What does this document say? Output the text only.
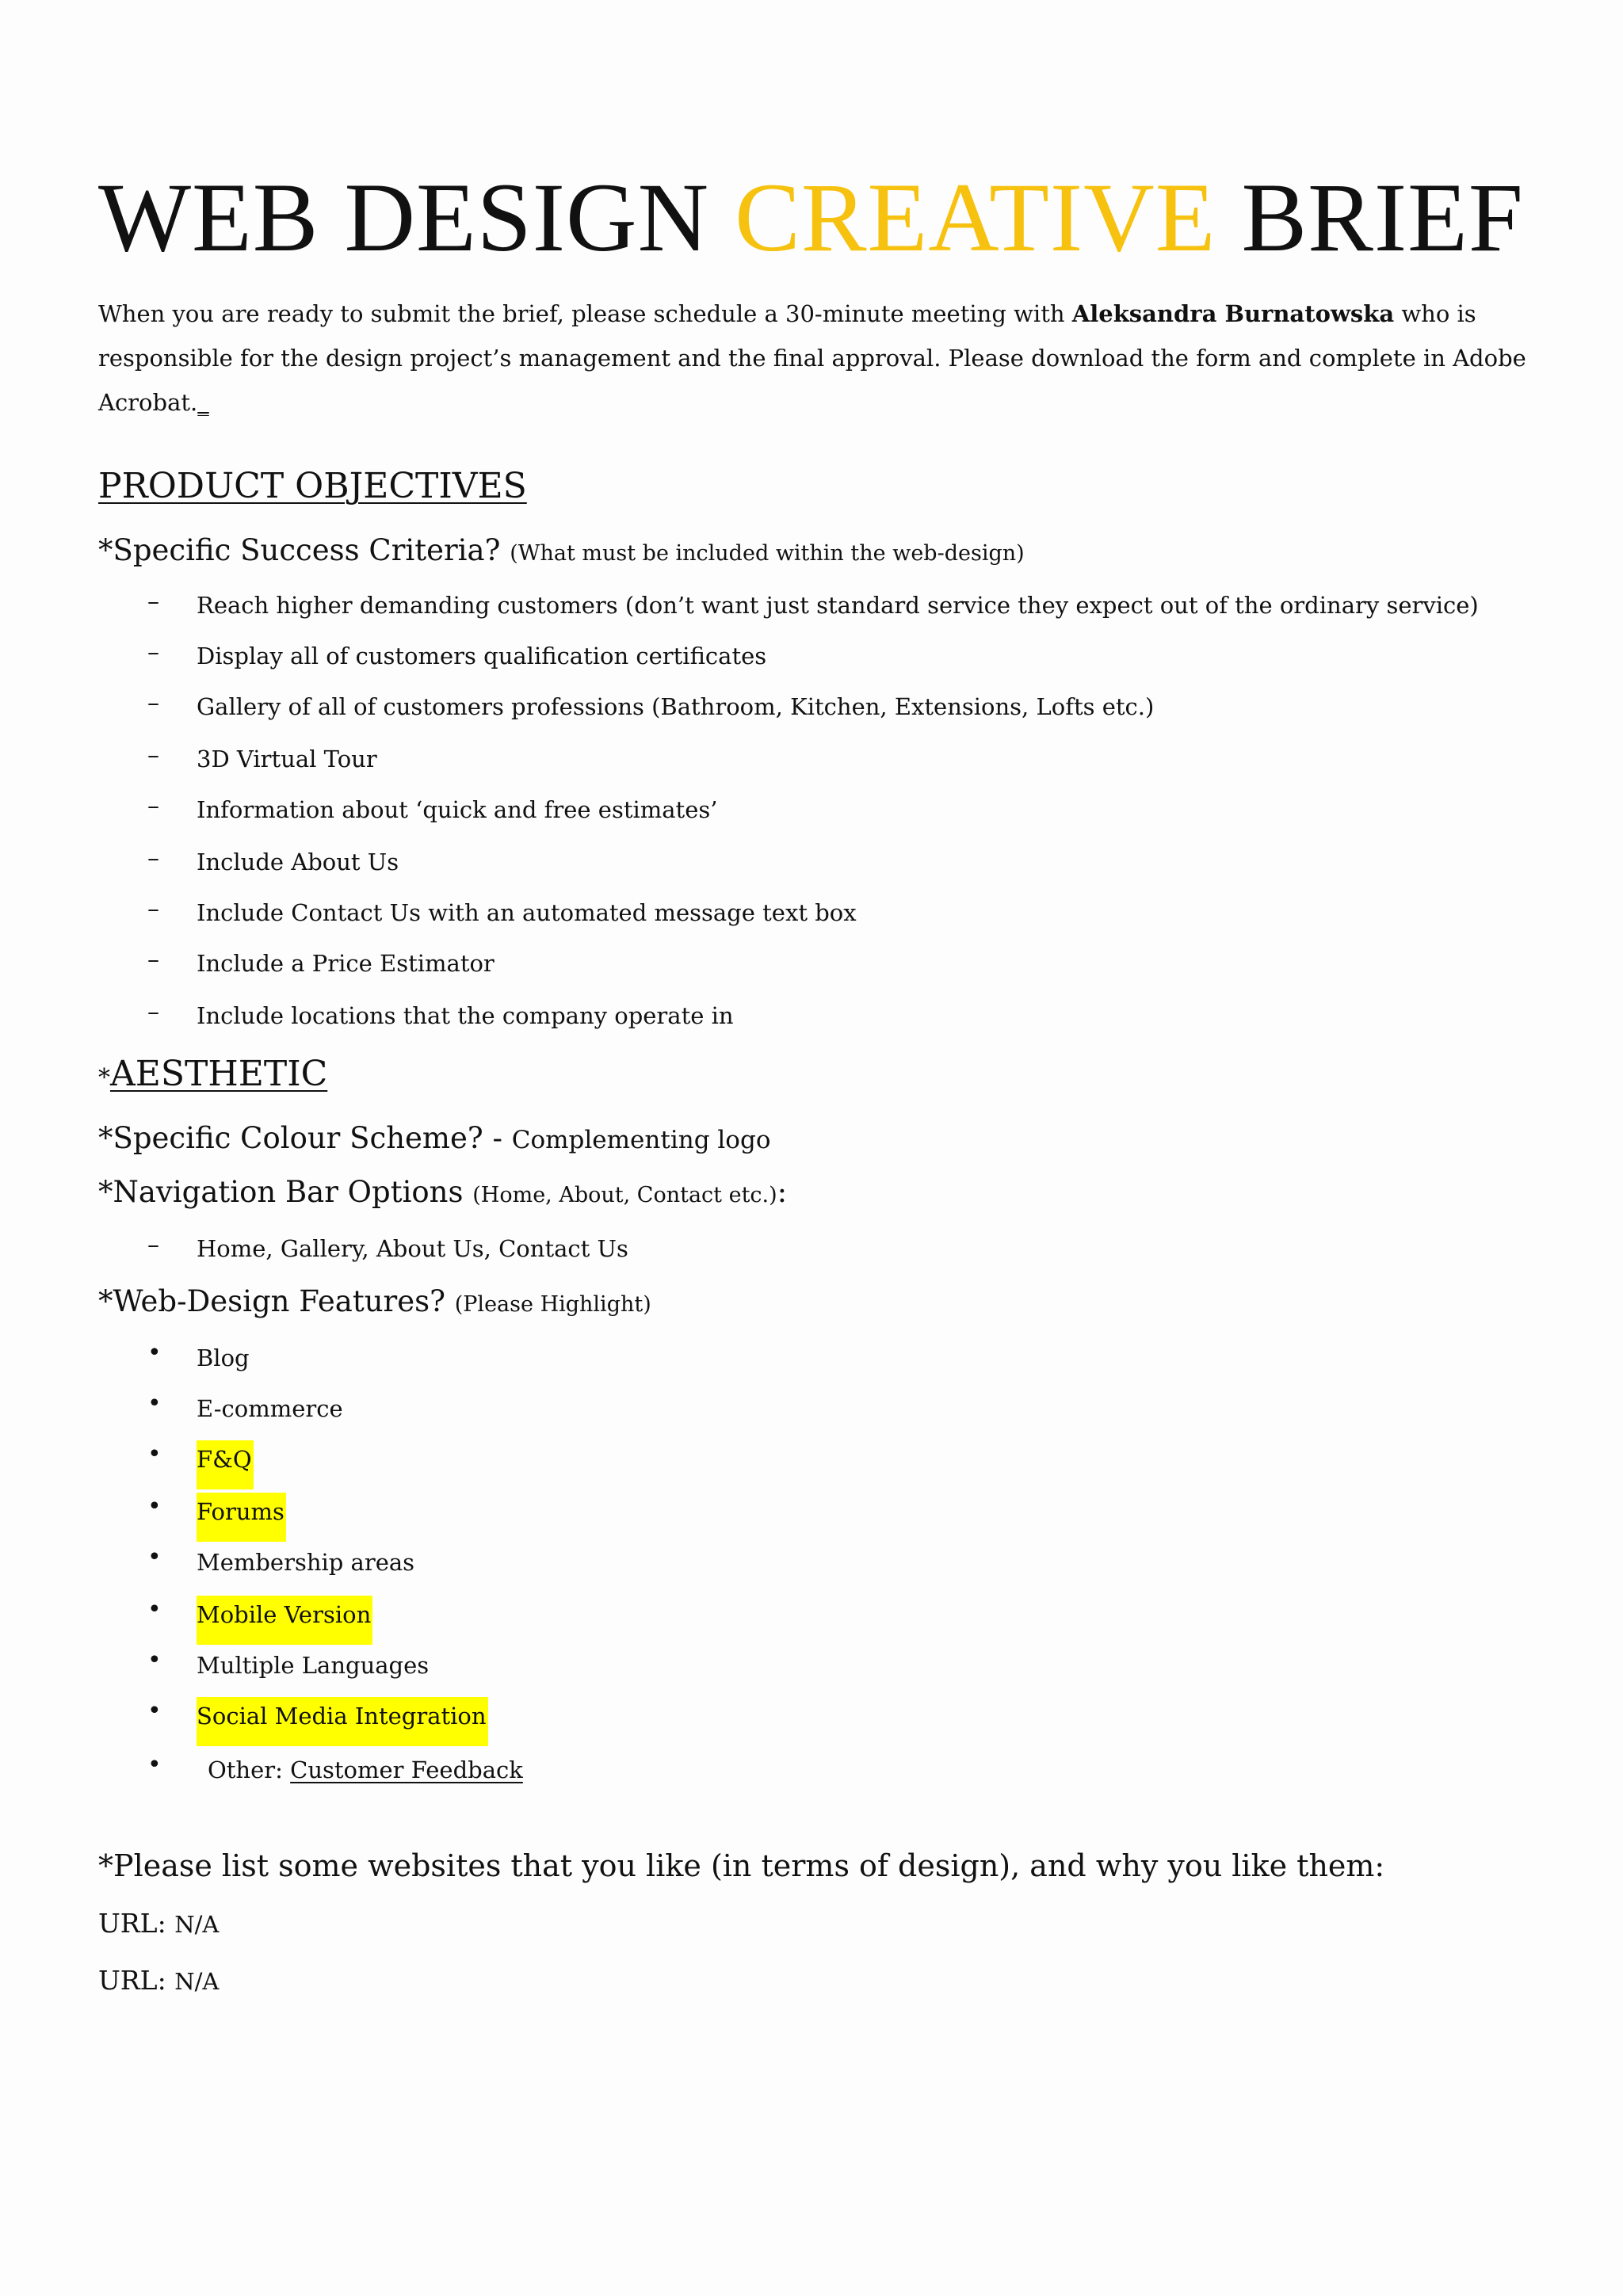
WEB DESIGN CREATIVE BRIEF

When you are ready to submit the brief, please schedule a 30-minute meeting with Aleksandra Burnatowska who is responsible for the design project’s management and the final approval. Please download the form and complete in Adobe Acrobat._

PRODUCT OBJECTIVES

*Specific Success Criteria? (What must be included within the web-design)

–	Reach higher demanding customers (don’t want just standard service they expect out of the ordinary service)
–	Display all of customers qualification certificates
–	Gallery of all of customers professions (Bathroom, Kitchen, Extensions, Lofts etc.)
–	3D Virtual Tour
–	Information about ‘quick and free estimates’
–	Include About Us
–	Include Contact Us with an automated message text box
–	Include a Price Estimator
–	Include locations that the company operate in
*AESTHETIC

*Specific Colour Scheme? - Complementing logo

*Navigation Bar Options (Home, About, Contact etc.):

–	Home, Gallery, About Us, Contact Us

*Web-Design Features? (Please Highlight)

• Blog
• E-commerce
• F&Q
• Forums
• Membership areas
• Mobile Version
• Multiple Languages
• Social Media Integration
• Other: Customer Feedback

*Please list some websites that you like (in terms of design), and why you like them:

URL: N/A
URL: N/A
